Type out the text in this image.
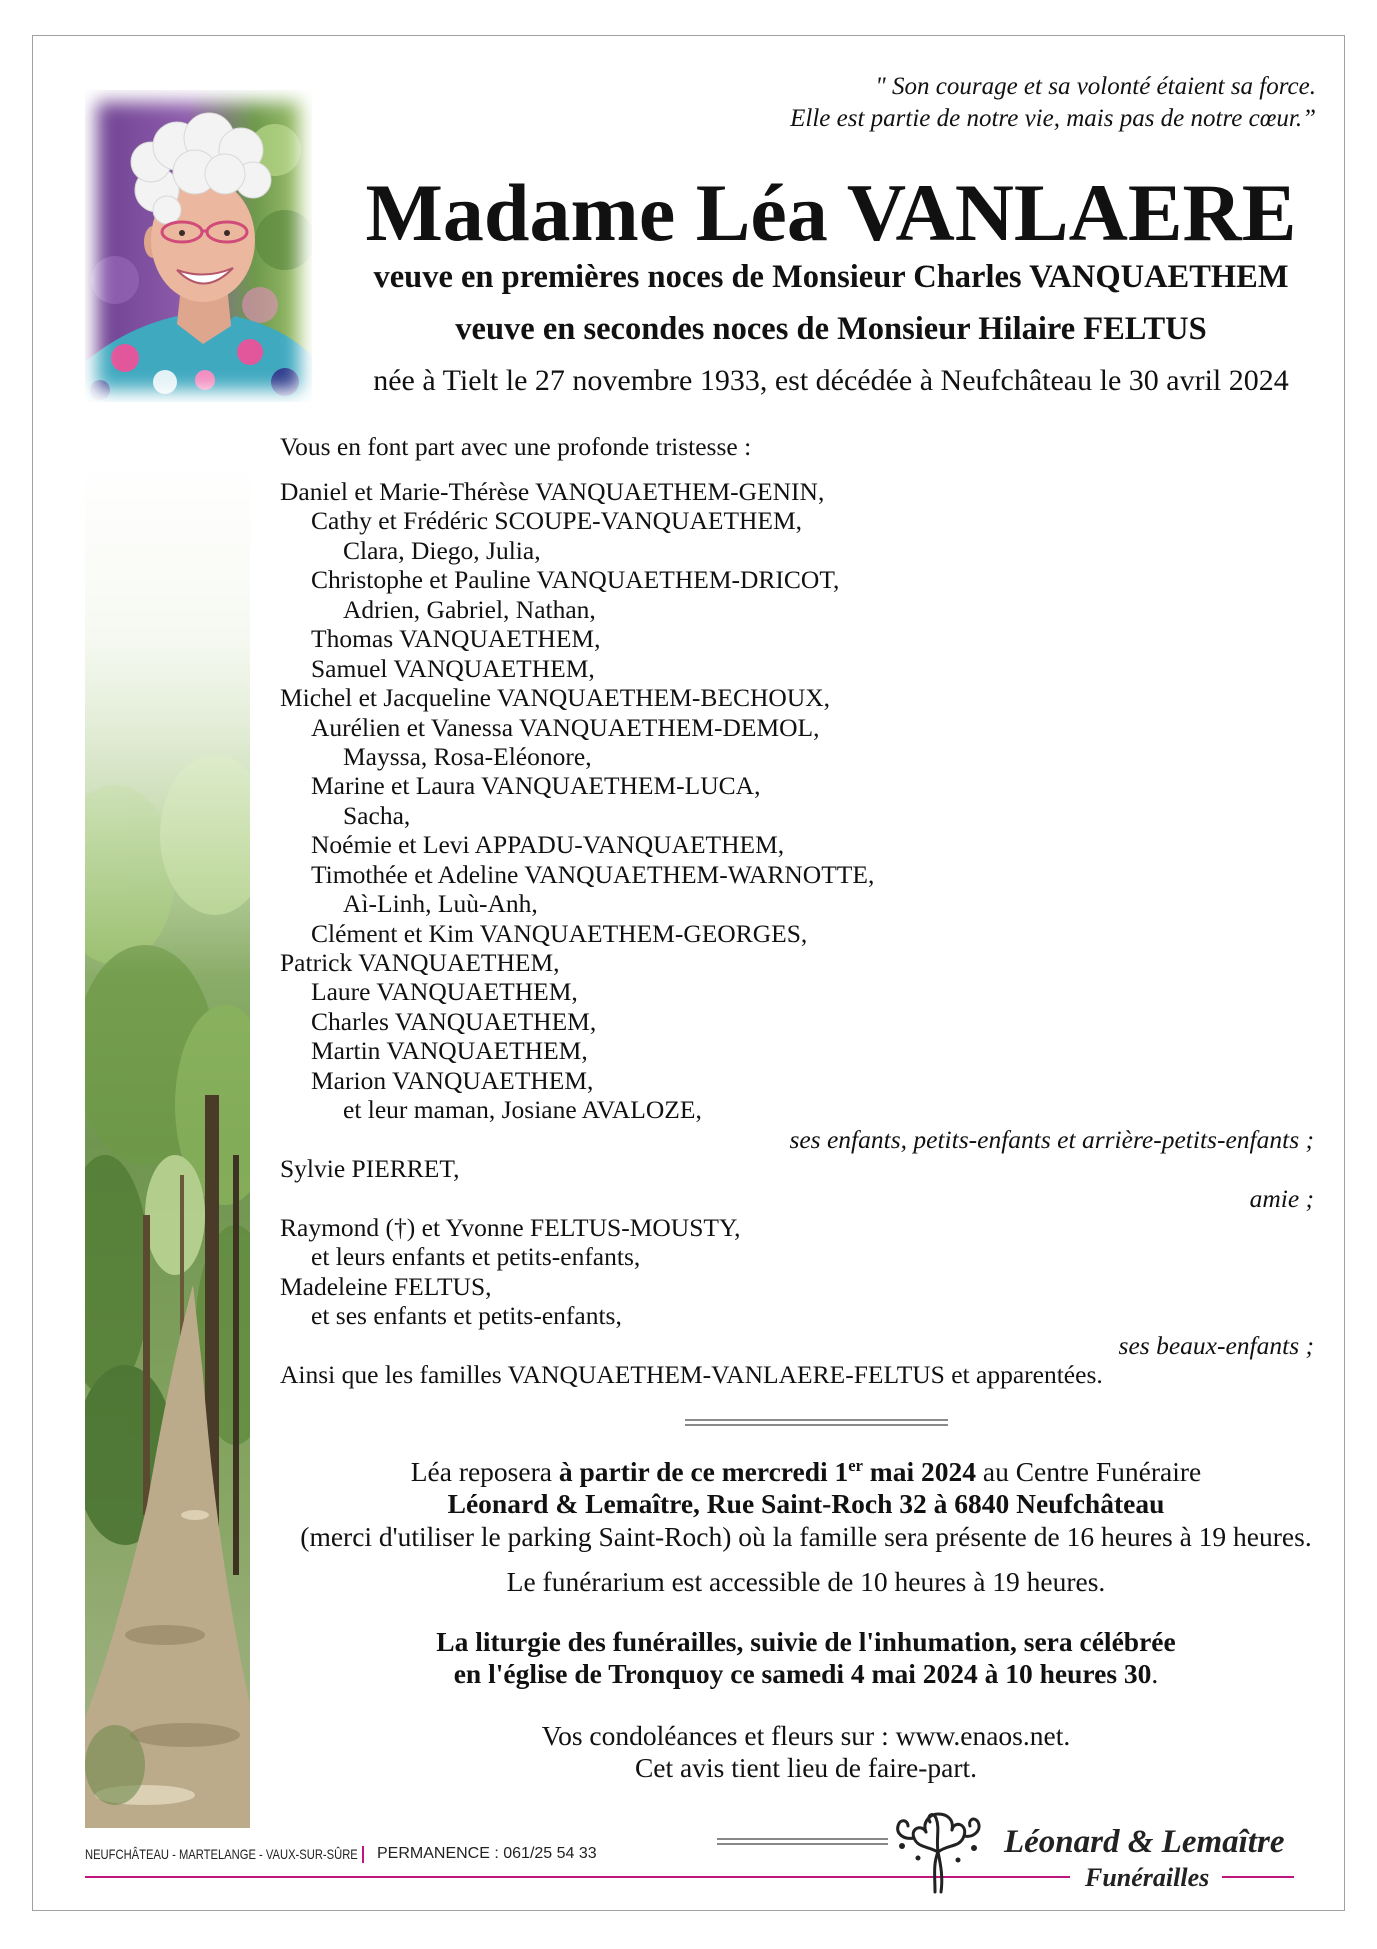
" Son courage et sa volonté étaient sa force.
Elle est partie de notre vie, mais pas de notre cœur.”
Madame Léa VANLAERE
veuve en premières noces de Monsieur Charles VANQUAETHEM
veuve en secondes noces de Monsieur Hilaire FELTUS
née à Tielt le 27 novembre 1933, est décédée à Neufchâteau le 30 avril 2024
Vous en font part avec une profonde tristesse :
Daniel et Marie-Thérèse VANQUAETHEM-GENIN,
Cathy et Frédéric SCOUPE-VANQUAETHEM,
Clara, Diego, Julia,
Christophe et Pauline VANQUAETHEM-DRICOT,
Adrien, Gabriel, Nathan,
Thomas VANQUAETHEM,
Samuel VANQUAETHEM,
Michel et Jacqueline VANQUAETHEM-BECHOUX,
Aurélien et Vanessa VANQUAETHEM-DEMOL,
Mayssa, Rosa-Eléonore,
Marine et Laura VANQUAETHEM-LUCA,
Sacha,
Noémie et Levi APPADU-VANQUAETHEM,
Timothée et Adeline VANQUAETHEM-WARNOTTE,
Aì-Linh, Luù-Anh,
Clément et Kim VANQUAETHEM-GEORGES,
Patrick VANQUAETHEM,
Laure VANQUAETHEM,
Charles VANQUAETHEM,
Martin VANQUAETHEM,
Marion VANQUAETHEM,
et leur maman, Josiane AVALOZE,
ses enfants, petits-enfants et arrière-petits-enfants ;
Sylvie PIERRET,
amie ;
Raymond (†) et Yvonne FELTUS-MOUSTY,
et leurs enfants et petits-enfants,
Madeleine FELTUS,
et ses enfants et petits-enfants,
ses beaux-enfants ;
Ainsi que les familles VANQUAETHEM-VANLAERE-FELTUS et apparentées.
Léa reposera à partir de ce mercredi 1er mai 2024 au Centre Funéraire
Léonard & Lemaître, Rue Saint-Roch 32 à 6840 Neufchâteau
(merci d'utiliser le parking Saint-Roch) où la famille sera présente de 16 heures à 19 heures.
Le funérarium est accessible de 10 heures à 19 heures.
La liturgie des funérailles, suivie de l'inhumation, sera célébrée
en l'église de Tronquoy ce samedi 4 mai 2024 à 10 heures 30.
Vos condoléances et fleurs sur : www.enaos.net.
Cet avis tient lieu de faire-part.
NEUFCHÂTEAU - MARTELANGE - VAUX-SUR-SÛRE PERMANENCE : 061/25 54 33	Léonard & Lemaître
Funérailles
